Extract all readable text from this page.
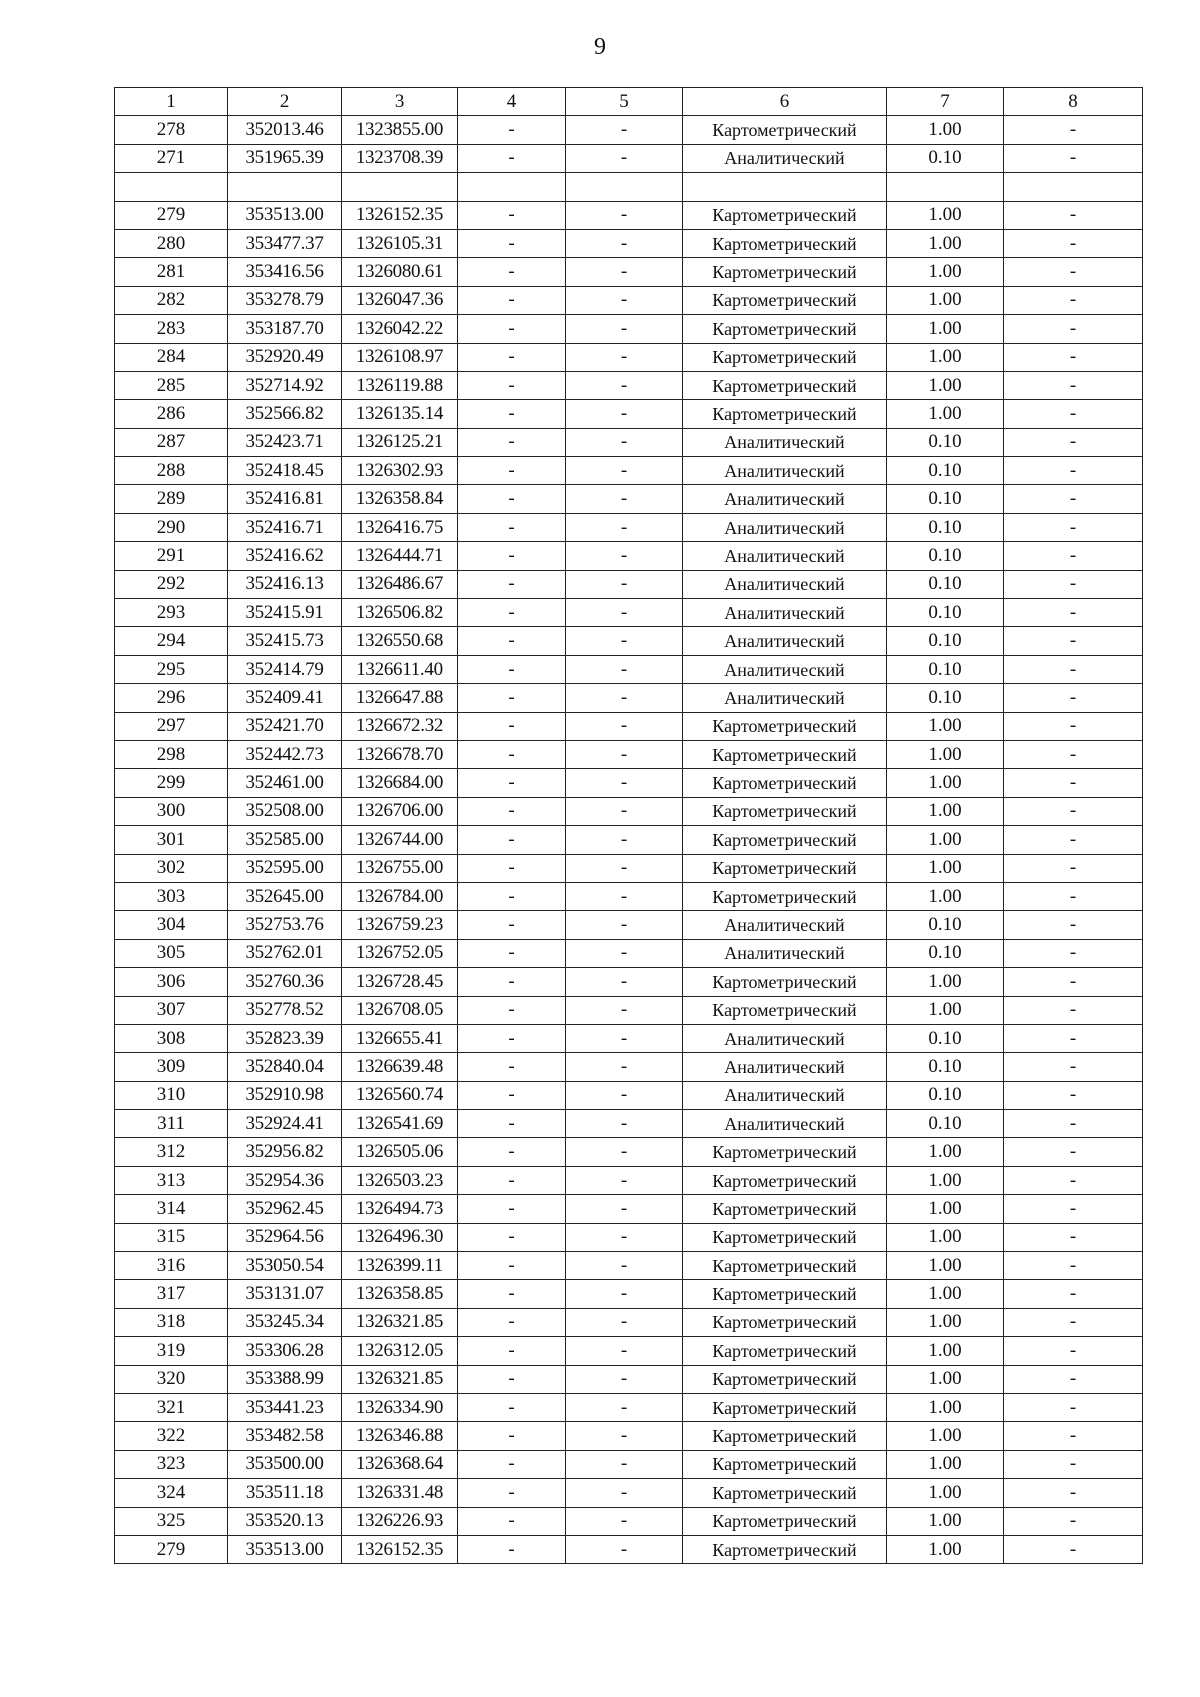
9
1	2	3	4	5	6	7	8
278	352013.46	1323855.00	-	-	Картометрический	1.00	-
271	351965.39	1323708.39	-	-	Аналитический	0.10	-

279	353513.00	1326152.35	-	-	Картометрический	1.00	-
280	353477.37	1326105.31	-	-	Картометрический	1.00	-
281	353416.56	1326080.61	-	-	Картометрический	1.00	-
282	353278.79	1326047.36	-	-	Картометрический	1.00	-
283	353187.70	1326042.22	-	-	Картометрический	1.00	-
284	352920.49	1326108.97	-	-	Картометрический	1.00	-
285	352714.92	1326119.88	-	-	Картометрический	1.00	-
286	352566.82	1326135.14	-	-	Картометрический	1.00	-
287	352423.71	1326125.21	-	-	Аналитический	0.10	-
288	352418.45	1326302.93	-	-	Аналитический	0.10	-
289	352416.81	1326358.84	-	-	Аналитический	0.10	-
290	352416.71	1326416.75	-	-	Аналитический	0.10	-
291	352416.62	1326444.71	-	-	Аналитический	0.10	-
292	352416.13	1326486.67	-	-	Аналитический	0.10	-
293	352415.91	1326506.82	-	-	Аналитический	0.10	-
294	352415.73	1326550.68	-	-	Аналитический	0.10	-
295	352414.79	1326611.40	-	-	Аналитический	0.10	-
296	352409.41	1326647.88	-	-	Аналитический	0.10	-
297	352421.70	1326672.32	-	-	Картометрический	1.00	-
298	352442.73	1326678.70	-	-	Картометрический	1.00	-
299	352461.00	1326684.00	-	-	Картометрический	1.00	-
300	352508.00	1326706.00	-	-	Картометрический	1.00	-
301	352585.00	1326744.00	-	-	Картометрический	1.00	-
302	352595.00	1326755.00	-	-	Картометрический	1.00	-
303	352645.00	1326784.00	-	-	Картометрический	1.00	-
304	352753.76	1326759.23	-	-	Аналитический	0.10	-
305	352762.01	1326752.05	-	-	Аналитический	0.10	-
306	352760.36	1326728.45	-	-	Картометрический	1.00	-
307	352778.52	1326708.05	-	-	Картометрический	1.00	-
308	352823.39	1326655.41	-	-	Аналитический	0.10	-
309	352840.04	1326639.48	-	-	Аналитический	0.10	-
310	352910.98	1326560.74	-	-	Аналитический	0.10	-
311	352924.41	1326541.69	-	-	Аналитический	0.10	-
312	352956.82	1326505.06	-	-	Картометрический	1.00	-
313	352954.36	1326503.23	-	-	Картометрический	1.00	-
314	352962.45	1326494.73	-	-	Картометрический	1.00	-
315	352964.56	1326496.30	-	-	Картометрический	1.00	-
316	353050.54	1326399.11	-	-	Картометрический	1.00	-
317	353131.07	1326358.85	-	-	Картометрический	1.00	-
318	353245.34	1326321.85	-	-	Картометрический	1.00	-
319	353306.28	1326312.05	-	-	Картометрический	1.00	-
320	353388.99	1326321.85	-	-	Картометрический	1.00	-
321	353441.23	1326334.90	-	-	Картометрический	1.00	-
322	353482.58	1326346.88	-	-	Картометрический	1.00	-
323	353500.00	1326368.64	-	-	Картометрический	1.00	-
324	353511.18	1326331.48	-	-	Картометрический	1.00	-
325	353520.13	1326226.93	-	-	Картометрический	1.00	-
279	353513.00	1326152.35	-	-	Картометрический	1.00	-
